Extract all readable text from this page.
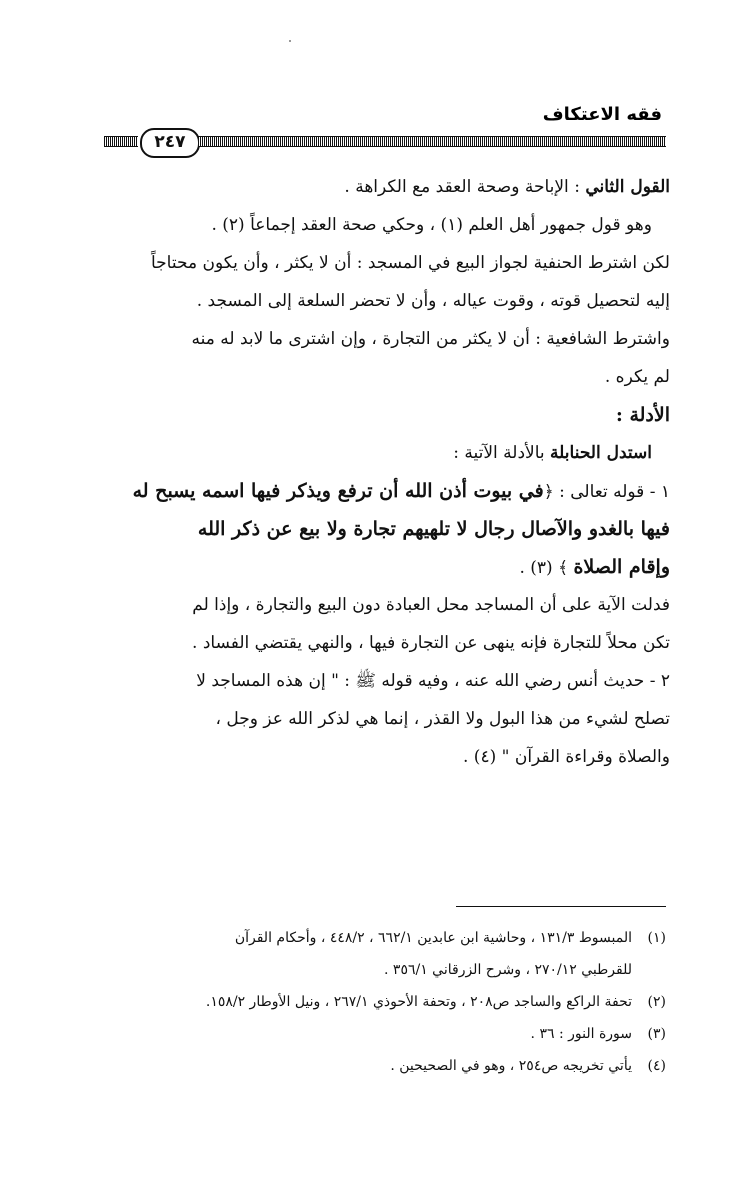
فقه الاعتكاف
٢٤٧
القول الثاني : الإباحة وصحة العقد مع الكراهة .
وهو قول جمهور أهل العلم (١) ، وحكي صحة العقد إجماعاً (٢) .
لكن اشترط الحنفية لجواز البيع في المسجد : أن لا يكثر ، وأن يكون محتاجاً
إليه لتحصيل قوته ، وقوت عياله ، وأن لا تحضر السلعة إلى المسجد .
واشترط الشافعية : أن لا يكثر من التجارة ، وإن اشترى ما لابد له منه
لم يكره .
الأدلة :
استدل الحنابلة بالأدلة الآتية :
١ - قوله تعالى : ﴿في بيوت أذن الله أن ترفع ويذكر فيها اسمه يسبح له
فيها بالغدو والآصال رجال لا تلهيهم تجارة ولا بيع عن ذكر الله
وإقام الصلاة ﴾ (٣) .
فدلت الآية على أن المساجد محل العبادة دون البيع والتجارة ، وإذا لم
تكن محلاً للتجارة فإنه ينهى عن التجارة فيها ، والنهي يقتضي الفساد .
٢ - حديث أنس رضي الله عنه ، وفيه قوله ﷺ : " إن هذه المساجد لا
تصلح لشيء من هذا البول ولا القذر ، إنما هي لذكر الله عز وجل ،
والصلاة وقراءة القرآن " (٤) .
(١)المبسوط ١٣١/٣ ، وحاشية ابن عابدين ٦٦٢/١ ، ٤٤٨/٢ ، وأحكام القرآن
للقرطبي ٢٧٠/١٢ ، وشرح الزرقاني ٣٥٦/١ .
(٢)تحفة الراكع والساجد ص٢٠٨ ، وتحفة الأحوذي ٢٦٧/١ ، ونيل الأوطار ١٥٨/٢.
(٣)سورة النور : ٣٦ .
(٤)يأتي تخريجه ص٢٥٤ ، وهو في الصحيحين .
